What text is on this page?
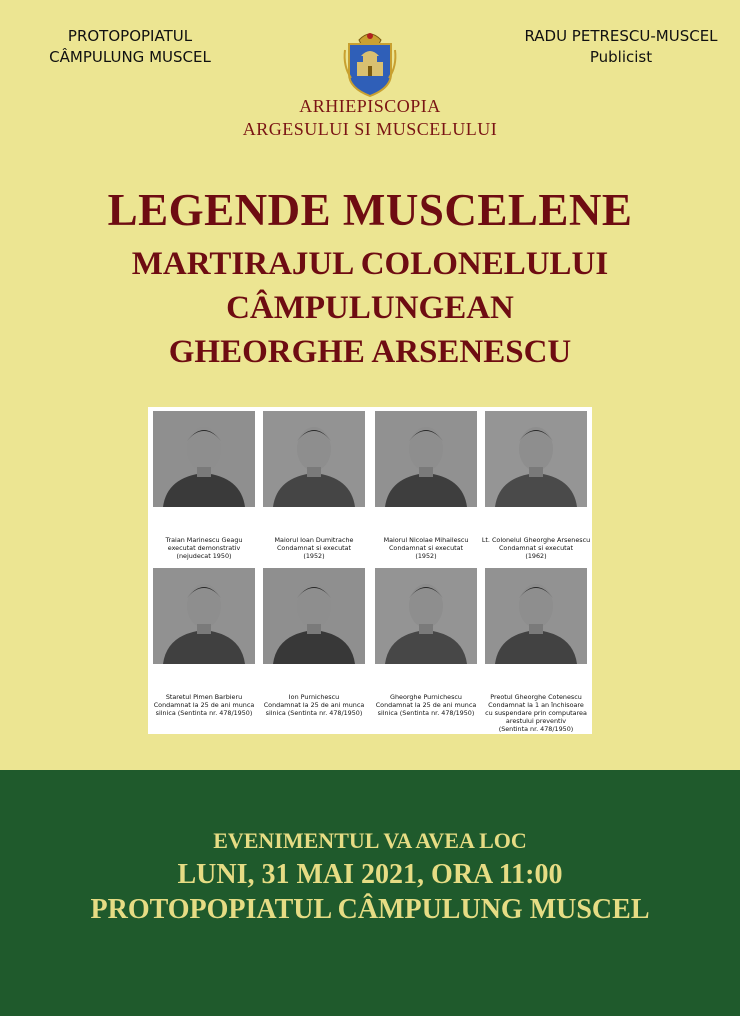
PROTOPOPIATUL
CÂMPULUNG MUSCEL
RADU PETRESCU-MUSCEL
Publicist
ARHIEPISCOPIA
ARGESULUI SI MUSCELULUI
LEGENDE MUSCELENE
MARTIRAJUL COLONELULUI
CÂMPULUNGEAN
GHEORGHE ARSENESCU
Traian Marinescu Geagu
executat demonstrativ
(nejudecat 1950)
Maiorul Ioan Dumitrache
Condamnat si executat
(1952)
Maiorul Nicolae Mihailescu
Condamnat si executat
(1952)
Lt. Colonelul Gheorghe Arsenescu
Condamnat si executat
(1962)
Staretul Pimen Barbieru
Condamnat la 25 de ani munca
silnica (Sentinta nr. 478/1950)
Ion Purnichescu
Condamnat la 25 de ani munca
silnica (Sentinta nr. 478/1950)
Gheorghe Purnichescu
Condamnat la 25 de ani munca
silnica (Sentinta nr. 478/1950)
Preotul Gheorghe Cotenescu
Condamnat la 1 an închisoare
cu suspendare prin computarea
arestului preventiv
(Sentinta nr. 478/1950)
EVENIMENTUL VA AVEA LOC
LUNI, 31 MAI 2021, ORA 11:00
PROTOPOPIATUL CÂMPULUNG MUSCEL
